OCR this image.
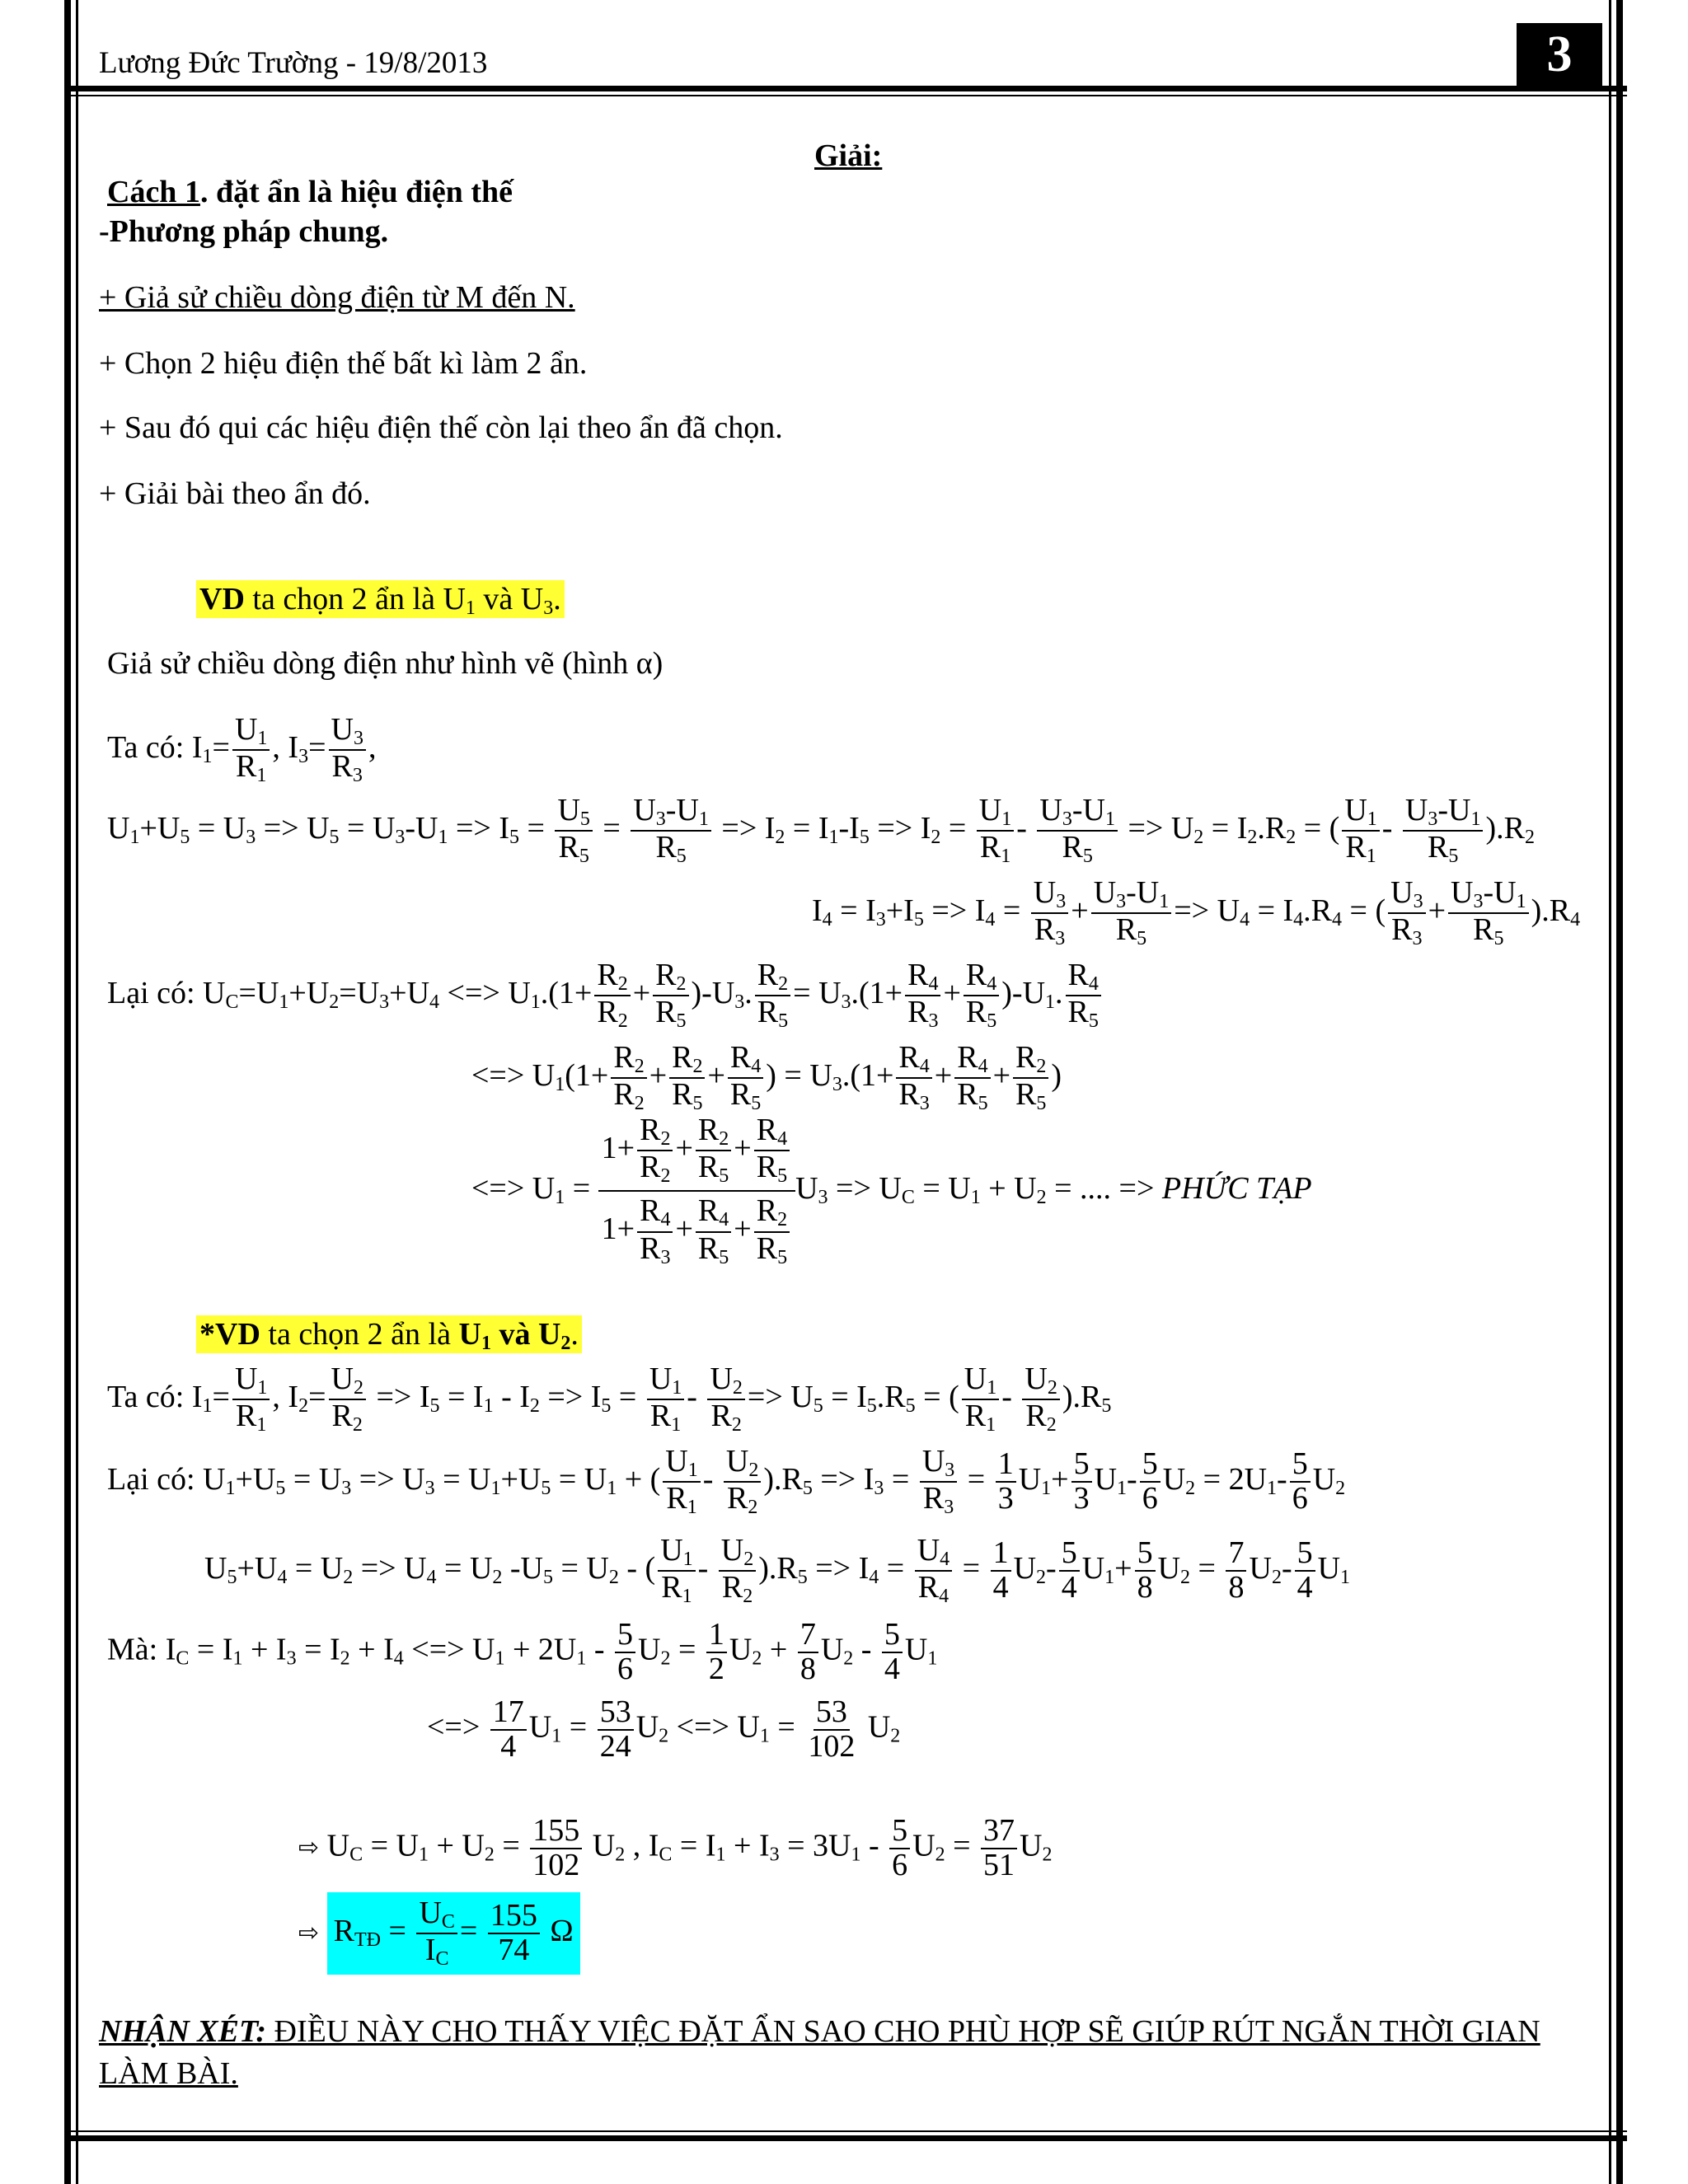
Lương Đức Trường - 19/8/2013	3
Giải:
Cách 1. đặt ẩn là hiệu điện thế
-Phương pháp chung.
+ Giả sử chiều dòng điện từ M đến N.
+ Chọn 2 hiệu điện thế bất kì làm 2 ẩn.
+ Sau đó qui các hiệu điện thế còn lại theo ẩn đã chọn.
+ Giải bài theo ẩn đó.
VD ta chọn 2 ẩn là $U_1$ và $U_3$.
Giả sử chiều dòng điện như hình vẽ (hình α)
Ta có: $I_1= \frac{U_1}{R_1}$ , $I_3= \frac{U_3}{R_3}$ ,
$U_1+U_5 = U_3 => U_5 = U_3-U_1 => I_5 = \frac{U_5}{R_5} = \frac{U_3-U_1}{R_5} => I_2 = I_1-I_5 => I_2 = \frac{U_1}{R_1} - \frac{U_3-U_1}{R_5} => U_2 = I_2.R_2$ = ( $\frac{U_1}{R_1} - \frac{U_3-U_1}{R_5} ).R_2$
$I_4 = I_3+I_5 => I_4 = \frac{U_3}{R_3} + \frac{U_3-U_1}{R_5} => U_4 = I_4.R_4$ = ( $\frac{U_3}{R_3} + \frac{U_3-U_1}{R_5} ).R_4$
Lại có: $U_C=U_1+U_2=U_3+U_4$ <=> $U_1.(1+ \frac{R_2}{R_2} + \frac{R_2}{R_5} )-U_3$. $\frac{R_2}{R_5} = U_3.(1+ \frac{R_4}{R_3} + \frac{R_4}{R_5} )-U_1$. $\frac{R_4}{R_5}$
<=> $U_1(1+ \frac{R_2}{R_2} + \frac{R_2}{R_5} + \frac{R_4}{R_5}$ ) = $U_3.(1+ \frac{R_4}{R_3} + \frac{R_4}{R_5} + \frac{R_2}{R_5}$ )
<=> $U_1 = \frac{1+ \frac{R_2}{R_2} + \frac{R_2}{R_5} + \frac{R_4}{R_5}}{1+ \frac{R_4}{R_3} + \frac{R_4}{R_5} + \frac{R_2}{R_5}} U_3 => U_C = U_1 + U_2$ = .... => PHỨC TẠP
*VD ta chọn 2 ẩn là $U_1$ và $U_2$.
Ta có: $I_1= \frac{U_1}{R_1}$ , $I_2= \frac{U_2}{R_2} => I_5 = I_1 - I_2 => I_5 = \frac{U_1}{R_1} - \frac{U_2}{R_2} => U_5 = I_5.R_5$ = ( $\frac{U_1}{R_1} - \frac{U_2}{R_2} ).R_5$
Lại có: $U_1+U_5 = U_3 => U_3 = U_1+U_5 = U_1$ + ( $\frac{U_1}{R_1} - \frac{U_2}{R_2} ).R_5 => I_3 = \frac{U_3}{R_3} = \frac{1}{3} U_1+ \frac{5}{3} U_1- \frac{5}{6} U_2 = 2U_1- \frac{5}{6} U_2$
$U_5+U_4 = U_2 => U_4 = U_2$ $-U_5 = U_2$ - ( $\frac{U_1}{R_1} - \frac{U_2}{R_2} ).R_5 => I_4 = \frac{U_4}{R_4} = \frac{1}{4} U_2- \frac{5}{4} U_1+ \frac{5}{8} U_2 = \frac{7}{8} U_2- \frac{5}{4} U_1$
Mà: $I_C = I_1 + I_3 = I_2 + I_4$ <=> $U_1 + 2U_1 - \frac{5}{6} U_2 = \frac{1}{2} U_2 + \frac{7}{8} U_2 - \frac{5}{4} U_1$
<=> $\frac{17}{4} U_1 = \frac{53}{24} U_2$ <=> $U_1 = \frac{53}{102} U_2$
⇨ $U_C = U_1 + U_2 = \frac{155}{102} U_2$ , $I_C = I_1 + I_3 = 3U_1 - \frac{5}{6} U_2 = \frac{37}{51} U_2$
⇨ $R_{TĐ} = \frac{U_C}{I_C} = \frac{155}{74}$ Ω
NHẬN XÉT: ĐIỀU NÀY CHO THẤY VIỆC ĐẶT ẨN SAO CHO PHÙ HỢP SẼ GIÚP RÚT NGẮN THỜI GIAN LÀM BÀI.
